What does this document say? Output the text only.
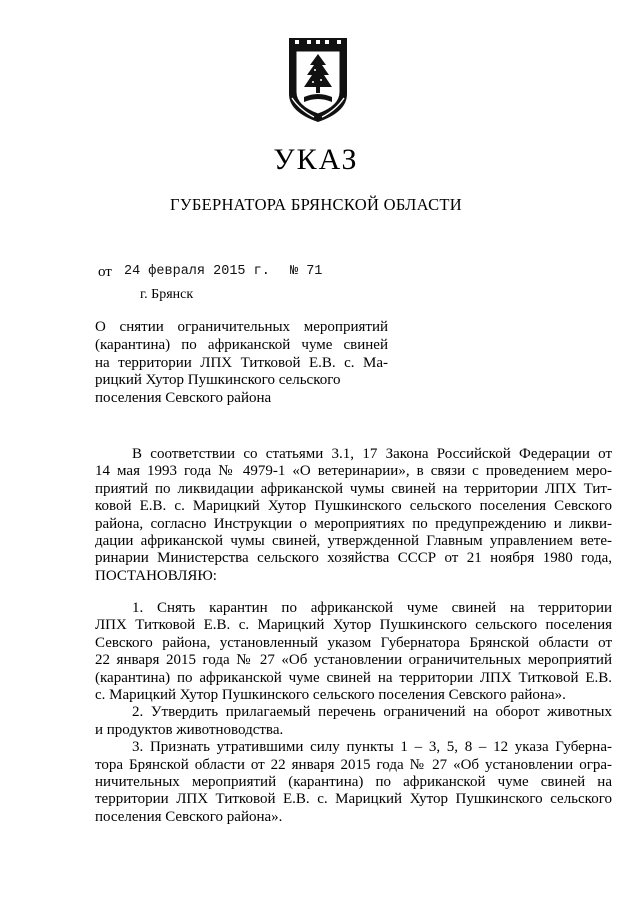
УКАЗ
ГУБЕРНАТОРА БРЯНСКОЙ ОБЛАСТИ
от 24 февраля 2015 г. № 71
г. Брянск
О снятии ограничительных мероприятий
(карантина) по африканской чуме свиней
на территории ЛПХ Титковой Е.В. с. Ма-
рицкий Хутор Пушкинского сельского
поселения Севского района
В соответствии со статьями 3.1, 17 Закона Российской Федерации от
14 мая 1993 года № 4979-1 «О ветеринарии», в связи с проведением меро-
приятий по ликвидации африканской чумы свиней на территории ЛПХ Тит-
ковой Е.В. с. Марицкий Хутор Пушкинского сельского поселения Севского
района, согласно Инструкции о мероприятиях по предупреждению и ликви-
дации африканской чумы свиней, утвержденной Главным управлением вете-
ринарии Министерства сельского хозяйства СССР от 21 ноября 1980 года,
ПОСТАНОВЛЯЮ:
1. Снять карантин по африканской чуме свиней на территории
ЛПХ Титковой Е.В. с. Марицкий Хутор Пушкинского сельского поселения
Севского района, установленный указом Губернатора Брянской области от
22 января 2015 года № 27 «Об установлении ограничительных мероприятий
(карантина) по африканской чуме свиней на территории ЛПХ Титковой Е.В.
с. Марицкий Хутор Пушкинского сельского поселения Севского района».
2. Утвердить прилагаемый перечень ограничений на оборот животных
и продуктов животноводства.
3. Признать утратившими силу пункты 1 – 3, 5, 8 – 12 указа Губерна-
тора Брянской области от 22 января 2015 года № 27 «Об установлении огра-
ничительных мероприятий (карантина) по африканской чуме свиней на
территории ЛПХ Титковой Е.В. с. Марицкий Хутор Пушкинского сельского
поселения Севского района».
